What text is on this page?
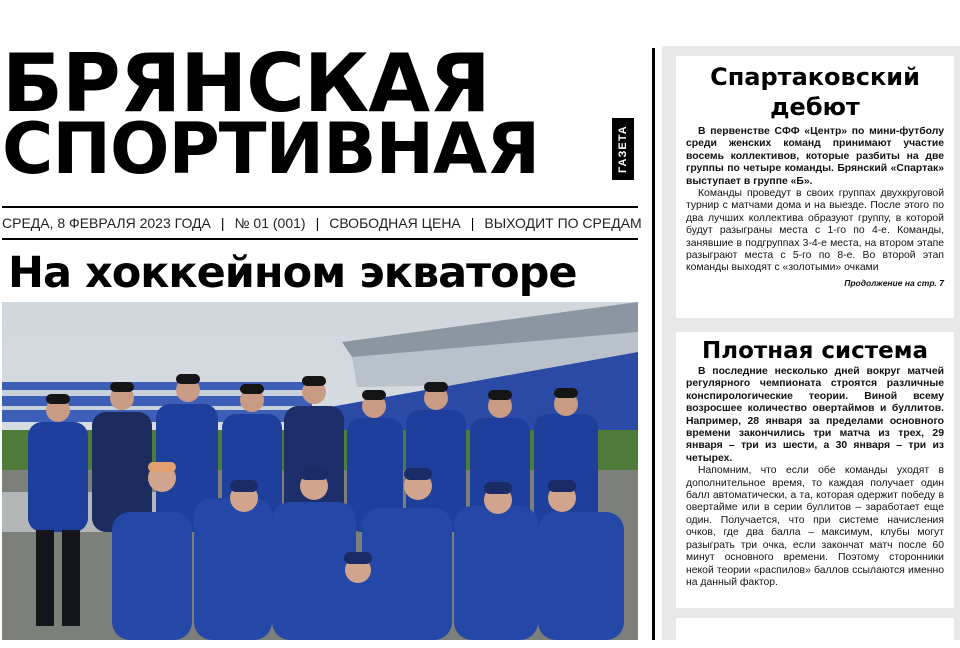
БРЯНСКАЯ
СПОРТИВНАЯ	ГАЗЕТА
СРЕДА, 8 ФЕВРАЛЯ 2023 ГОДА | № 01 (001) | СВОБОДНАЯ ЦЕНА | ВЫХОДИТ ПО СРЕДАМ
На хоккейном экваторе
Спартаковский дебют

В первенстве СФФ «Центр» по мини-футболу среди женских команд принимают участие восемь коллективов, которые разбиты на две группы по четыре команды. Брянский «Спартак» выступает в группе «Б».

Команды проведут в своих группах двухкруговой турнир с матчами дома и на выезде. После этого по два лучших коллектива образуют группу, в которой будут разыграны места с 1-го по 4-е. Команды, занявшие в подгруппах 3-4-е места, на втором этапе разыграют места с 5-го по 8-е. Во второй этап команды выходят с «золотыми» очками

Продолжение на стр. 7
Плотная система

В последние несколько дней вокруг матчей регулярного чемпионата строятся различные конспирологические теории. Виной всему возросшее количество овертаймов и буллитов. Например, 28 января за пределами основного времени закончились три матча из трех, 29 января – три из шести, а 30 января – три из четырех.

Напомним, что если обе команды уходят в дополнительное время, то каждая получает один балл автоматически, а та, которая одержит победу в овертайме или в серии буллитов – заработает еще один. Получается, что при системе начисления очков, где два балла – максимум, клубы могут разыграть три очка, если закончат матч после 60 минут основного времени. Поэтому сторонники некой теории «распилов» баллов ссылаются именно на данный фактор.
